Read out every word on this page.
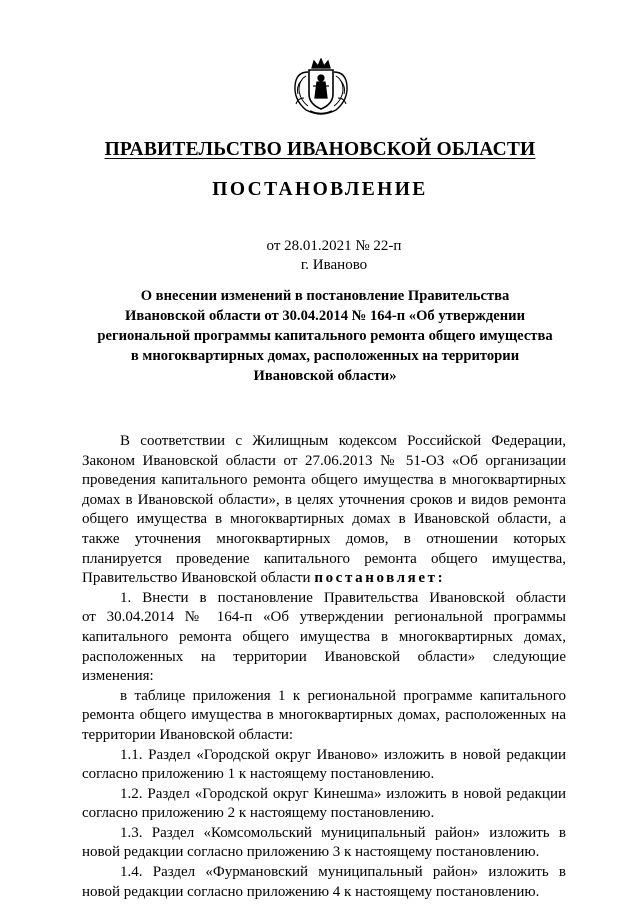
ПРАВИТЕЛЬСТВО ИВАНОВСКОЙ ОБЛАСТИ
ПОСТАНОВЛЕНИЕ
от 28.01.2021 № 22-п
г. Иваново
О внесении изменений в постановление Правительства
Ивановской области от 30.04.2014 № 164-п «Об утверждении
региональной программы капитального ремонта общего имущества
в многоквартирных домах, расположенных на территории
Ивановской области»
В соответствии с Жилищным кодексом Российской Федерации,
Законом Ивановской области от 27.06.2013 № 51-ОЗ «Об организации
проведения капитального ремонта общего имущества в многоквартирных
домах в Ивановской области», в целях уточнения сроков и видов ремонта
общего имущества в многоквартирных домах в Ивановской области, а
также уточнения многоквартирных домов, в отношении которых
планируется проведение капитального ремонта общего имущества,
Правительство Ивановской области постановляет:
1. Внести в постановление Правительства Ивановской области
от 30.04.2014 № 164-п «Об утверждении региональной программы
капитального ремонта общего имущества в многоквартирных домах,
расположенных на территории Ивановской области» следующие
изменения:
в таблице приложения 1 к региональной программе капитального
ремонта общего имущества в многоквартирных домах, расположенных на
территории Ивановской области:
1.1. Раздел «Городской округ Иваново» изложить в новой редакции
согласно приложению 1 к настоящему постановлению.
1.2. Раздел «Городской округ Кинешма» изложить в новой редакции
согласно приложению 2 к настоящему постановлению.
1.3. Раздел «Комсомольский муниципальный район» изложить в
новой редакции согласно приложению 3 к настоящему постановлению.
1.4. Раздел «Фурмановский муниципальный район» изложить в
новой редакции согласно приложению 4 к настоящему постановлению.
